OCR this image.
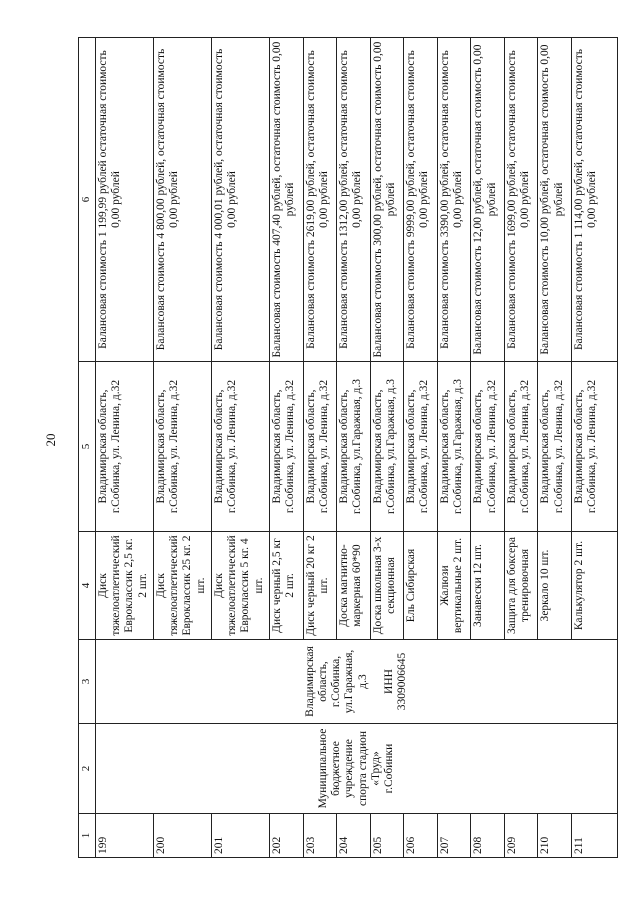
20
1	2	3	4	5	6
199	Муниципальное бюджетное учреждение спорта стадион «Труд» г.Собинки	Владимирская область, г.Собинка, ул.Гаражная, д.3 ИНН 3309006645	Диск тяжелоатлетический Евроклассик 2,5 кг. 2 шт.	Владимирская область, г.Собинка, ул. Ленина, д.32	Балансовая стоимость 1 199,99 рублей остаточная стоимость 0,00 рублей
200			Диск тяжелоатлетический Евроклассик 25 кг. 2 шт.	Владимирская область, г.Собинка, ул. Ленина, д.32	Балансовая стоимость 4 800,00 рублей, остаточная стоимость 0,00 рублей
201			Диск тяжелоатлетический Евроклассик 5 кг. 4 шт.	Владимирская область, г.Собинка, ул. Ленина, д.32	Балансовая стоимость 4 000,01 рублей, остаточная стоимость 0,00 рублей
202			Диск черный 2,5 кг 2 шт.	Владимирская область, г.Собинка, ул. Ленина, д.32	Балансовая стоимость 407,40 рублей, остаточная стоимость 0,00 рублей
203			Диск черный 20 кг 2 шт.	Владимирская область, г.Собинка, ул. Ленина, д.32	Балансовая стоимость 2619,00 рублей, остаточная стоимость 0,00 рублей
204			Доска магнитно-маркерная 60*90	Владимирская область, г.Собинка, ул.Гаражная, д.3	Балансовая стоимость 1312,00 рублей, остаточная стоимость 0,00 рублей
205			Доска школьная 3-х секционная	Владимирская область, г.Собинка, ул.Гаражная, д.3	Балансовая стоимость 300,00 рублей, остаточная стоимость 0,00 рублей
206			Ель Сибирская	Владимирская область, г.Собинка, ул. Ленина, д.32	Балансовая стоимость 9999,00 рублей, остаточная стоимость 0,00 рублей
207			Жалюзи вертикальные 2 шт.	Владимирская область, г.Собинка, ул.Гаражная, д.3	Балансовая стоимость 3390,00 рублей, остаточная стоимость 0,00 рублей
208			Занавески 12 шт.	Владимирская область, г.Собинка, ул. Ленина, д.32	Балансовая стоимость 12,00 рублей, остаточная стоимость 0,00 рублей
209			Защита для боксера тренировочная	Владимирская область, г.Собинка, ул. Ленина, д.32	Балансовая стоимость 1699,00 рублей, остаточная стоимость 0,00 рублей
210			Зеркало 10 шт.	Владимирская область, г.Собинка, ул. Ленина, д.32	Балансовая стоимость 10,00 рублей, остаточная стоимость 0,00 рублей
211			Калькулятор 2 шт.	Владимирская область, г.Собинка, ул. Ленина, д.32	Балансовая стоимость 1 114,00 рублей, остаточная стоимость 0,00 рублей
